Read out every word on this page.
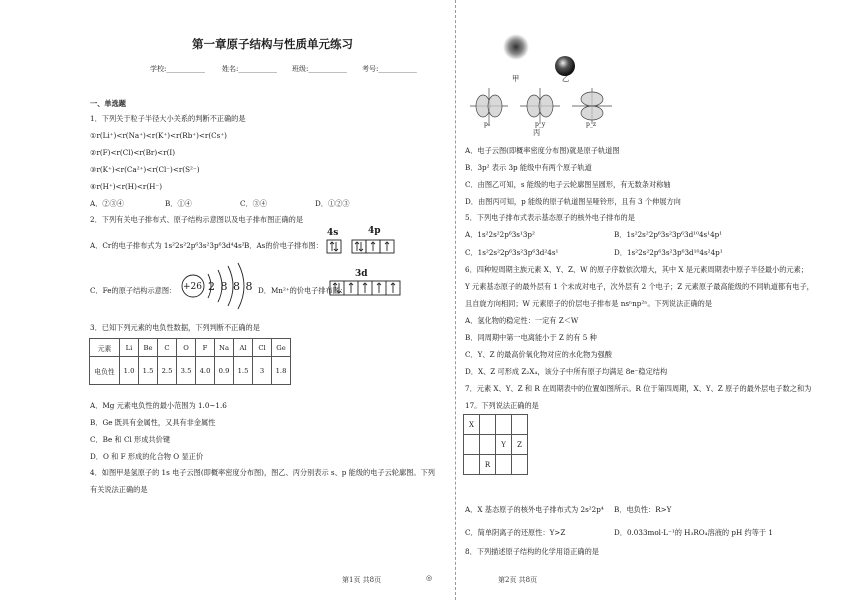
第一章原子结构与性质单元练习
学校:___________ 姓名:___________ 班级:___________ 考号:___________
一、单选题
1．下列关于粒子半径大小关系的判断不正确的是
①r(Li⁺)<r(Na⁺)<r(K⁺)<r(Rb⁺)<r(Cs⁺)
②r(F)<r(Cl)<r(Br)<r(I)
③r(K⁺)<r(Ca²⁺)<r(Cl⁻)<r(S²⁻)
④r(H⁺)<r(H)<r(H⁻)
A．②③④	B．①④	C．③④	D．①②③
2．下列有关电子排布式、原子结构示意图以及电子排布图正确的是
A．Cr的电子排布式为 1s²2s²2p⁶3s²3p⁶3d⁴4s² B．As的价电子排布图：
4s	4p
C．Fe的原子结构示意图： +26 2 8 8 8 D．Mn²⁺的价电子排布图：
3d
3．已知下列元素的电负性数据，下列判断不正确的是
元素	Li	Be	C	O	F	Na	Al	Cl	Ge
电负性	1.0	1.5	2.5	3.5	4.0	0.9	1.5	3	1.8
A．Mg 元素电负性的最小范围为 1.0~1.6
B．Ge 既具有金属性，又具有非金属性
C．Be 和 Cl 形成共价键
D．O 和 F 形成的化合物 O 显正价
4．如图甲是氢原子的 1s 电子云图(即概率密度分布图)，图乙、丙分别表示 s、p 能级的电子云轮廓图。下列
有关说法正确的是
第1页 共8页	◎
甲	乙
pₓ	p_y	p_z
丙
A．电子云图(即概率密度分布图)就是原子轨道图
B．3p² 表示 3p 能级中有两个原子轨道
C．由图乙可知，s 能级的电子云轮廓图呈圆形，有无数条对称轴
D．由图丙可知，p 能级的原子轨道图呈哑铃形，且有 3 个伸展方向
5．下列电子排布式表示基态原子的核外电子排布的是
A．1s²2s²2p⁶3s¹3p²	B．1s²2s²2p⁶3s²3p⁶3d¹⁰4s¹4p¹
C．1s²2s²2p⁶3s²3p⁶3d²4s¹	D．1s²2s²2p⁶3s²3p⁶3d¹⁰4s²4p¹
6．四种短周期主族元素 X、Y、Z、W 的原子序数依次增大，其中 X 是元素周期表中原子半径最小的元素；
Y 元素基态原子的最外层有 1 个未成对电子，次外层有 2 个电子；Z 元素原子最高能级的不同轨道都有电子，
且自旋方向相同；W 元素原子的价层电子排布是 nsⁿnp²ⁿ。下列说法正确的是
A．氢化物的稳定性：一定有 Z＜W
B．同周期中第一电离能小于 Z 的有 5 种
C．Y、Z 的最高价氧化物对应的水化物为强酸
D．X、Z 可形成 Z₂X₄，该分子中所有原子均满足 8e⁻稳定结构
7．元素 X、Y、Z 和 R 在周期表中的位置如图所示。R 位于第四周期，X、Y、Z 原子的最外层电子数之和为
17。下列说法正确的是
X			
		Y	Z
	R		
A．X 基态原子的核外电子排布式为 2s²2p⁴ B．电负性：R>Y
C．简单阴离子的还原性：Y>Z	D．0.033mol·L⁻¹的 H₃RO₄溶液的 pH 约等于 1
8．下列描述原子结构的化学用语正确的是
第2页 共8页
